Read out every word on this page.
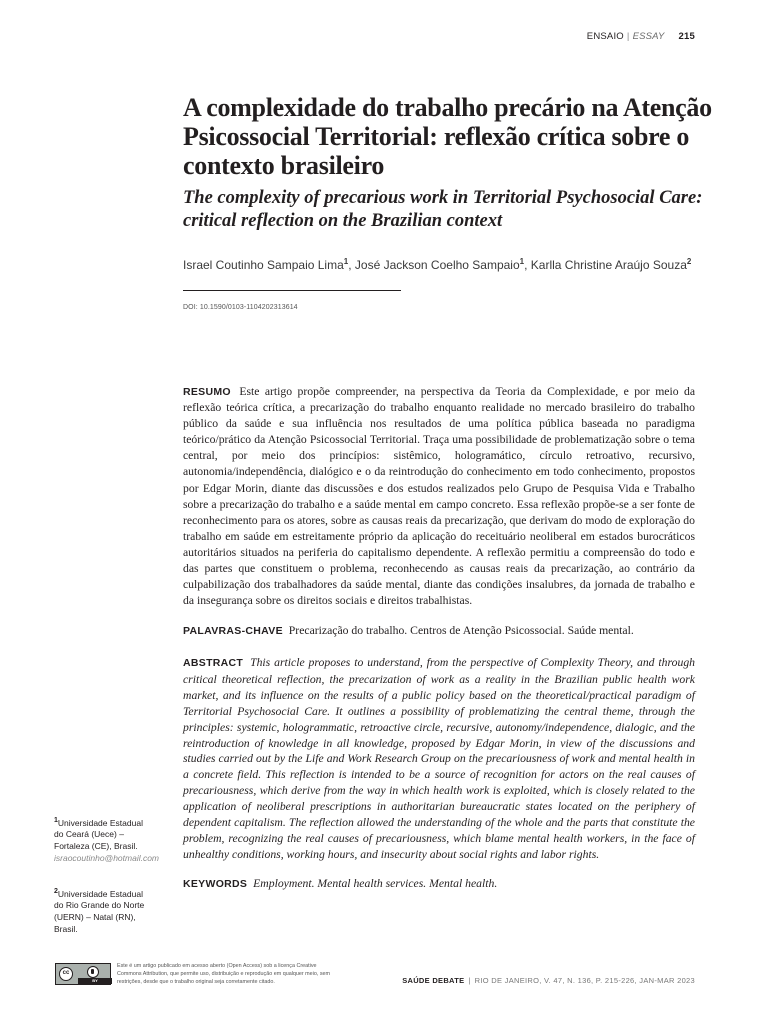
ENSAIO | ESSAY 215
A complexidade do trabalho precário na Atenção Psicossocial Territorial: reflexão crítica sobre o contexto brasileiro
The complexity of precarious work in Territorial Psychosocial Care: critical reflection on the Brazilian context
Israel Coutinho Sampaio Lima$^1$, José Jackson Coelho Sampaio$^1$, Karlla Christine Araújo Souza$^2$
DOI: 10.1590/0103-1104202313614
RESUMO Este artigo propõe compreender, na perspectiva da Teoria da Complexidade, e por meio da reflexão teórica crítica, a precarização do trabalho enquanto realidade no mercado brasileiro do trabalho público da saúde e sua influência nos resultados de uma política pública baseada no paradigma teórico/prático da Atenção Psicossocial Territorial. Traça uma possibilidade de problematização sobre o tema central, por meio dos princípios: sistêmico, hologramático, círculo retroativo, recursivo, autonomia/independência, dialógico e o da reintrodução do conhecimento em todo conhecimento, propostos por Edgar Morin, diante das discussões e dos estudos realizados pelo Grupo de Pesquisa Vida e Trabalho sobre a precarização do trabalho e a saúde mental em campo concreto. Essa reflexão propõe-se a ser fonte de reconhecimento para os atores, sobre as causas reais da precarização, que derivam do modo de exploração do trabalho em saúde em estreitamente próprio da aplicação do receituário neoliberal em estados burocráticos autoritários situados na periferia do capitalismo dependente. A reflexão permitiu a compreensão do todo e das partes que constituem o problema, reconhecendo as causas reais da precarização, ao contrário da culpabilização dos trabalhadores da saúde mental, diante das condições insalubres, da jornada de trabalho e da insegurança sobre os direitos sociais e direitos trabalhistas.
PALAVRAS-CHAVE Precarização do trabalho. Centros de Atenção Psicossocial. Saúde mental.
ABSTRACT This article proposes to understand, from the perspective of Complexity Theory, and through critical theoretical reflection, the precarization of work as a reality in the Brazilian public health work market, and its influence on the results of a public policy based on the theoretical/practical paradigm of Territorial Psychosocial Care. It outlines a possibility of problematizing the central theme, through the principles: systemic, hologrammatic, retroactive circle, recursive, autonomy/independence, dialogic, and the reintroduction of knowledge in all knowledge, proposed by Edgar Morin, in view of the discussions and studies carried out by the Life and Work Research Group on the precariousness of work and mental health in a concrete field. This reflection is intended to be a source of recognition for actors on the real causes of precariousness, which derive from the way in which health work is exploited, which is closely related to the application of neoliberal prescriptions in authoritarian bureaucratic states located on the periphery of dependent capitalism. The reflection allowed the understanding of the whole and the parts that constitute the problem, recognizing the real causes of precariousness, which blame mental health workers, in the face of unhealthy conditions, working hours, and insecurity about social rights and labor rights.
KEYWORDS Employment. Mental health services. Mental health.
$^1$Universidade Estadual do Ceará (Uece) – Fortaleza (CE), Brasil.
israocoutinho@hotmail.com
$^2$Universidade Estadual do Rio Grande do Norte (UERN) – Natal (RN), Brasil.
cc
BY
Este é um artigo publicado em acesso aberto (Open Access) sob a licença Creative Commons Attribution, que permite uso, distribuição e reprodução em qualquer meio, sem restrições, desde que o trabalho original seja corretamente citado.	SAÚDE DEBATE | RIO DE JANEIRO, V. 47, N. 136, P. 215-226, JAN-MAR 2023
